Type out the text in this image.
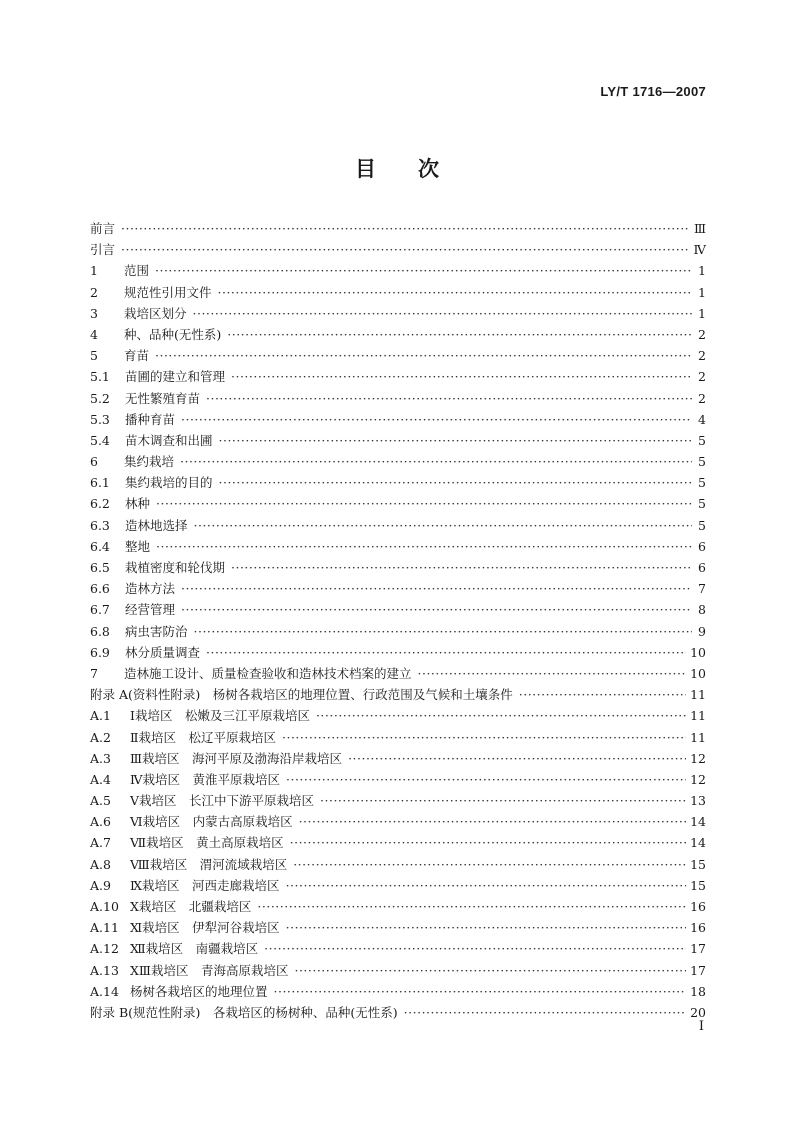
LY/T 1716—2007
目　　次
前言 ·····	Ⅲ
引言 ·····	Ⅳ
1 范围 ·····	1
2 规范性引用文件 ·····	1
3 栽培区划分 ·····	1
4 种、品种(无性系) ·····	2
5 育苗 ·····	2
5.1 苗圃的建立和管理 ·····	2
5.2 无性繁殖育苗 ·····	2
5.3 播种育苗 ·····	4
5.4 苗木调查和出圃 ·····	5
6 集约栽培 ·····	5
6.1 集约栽培的目的 ·····	5
6.2 林种 ·····	5
6.3 造林地选择 ·····	5
6.4 整地 ·····	6
6.5 栽植密度和轮伐期 ·····	6
6.6 造林方法 ·····	7
6.7 经营管理 ·····	8
6.8 病虫害防治 ·····	9
6.9 林分质量调查 ·····	10
7 造林施工设计、质量检查验收和造林技术档案的建立 ·····	10
附录 A(资料性附录)　杨树各栽培区的地理位置、行政范围及气候和土壤条件 ·····	11
A.1 Ⅰ栽培区　松嫩及三江平原栽培区 ·····	11
A.2 Ⅱ栽培区　松辽平原栽培区 ·····	11
A.3 Ⅲ栽培区　海河平原及渤海沿岸栽培区 ·····	12
A.4 Ⅳ栽培区　黄淮平原栽培区 ·····	12
A.5 Ⅴ栽培区　长江中下游平原栽培区 ·····	13
A.6 Ⅵ栽培区　内蒙古高原栽培区 ·····	14
A.7 Ⅶ栽培区　黄土高原栽培区 ·····	14
A.8 Ⅷ栽培区　渭河流域栽培区 ·····	15
A.9 Ⅸ栽培区　河西走廊栽培区 ·····	15
A.10 Ⅹ栽培区　北疆栽培区 ·····	16
A.11 Ⅺ栽培区　伊犁河谷栽培区 ·····	16
A.12 Ⅻ栽培区　南疆栽培区 ·····	17
A.13 ⅩⅢ栽培区　青海高原栽培区 ·····	17
A.14 杨树各栽培区的地理位置 ·····	18
附录 B(规范性附录)　各栽培区的杨树种、品种(无性系) ·····	20
I
